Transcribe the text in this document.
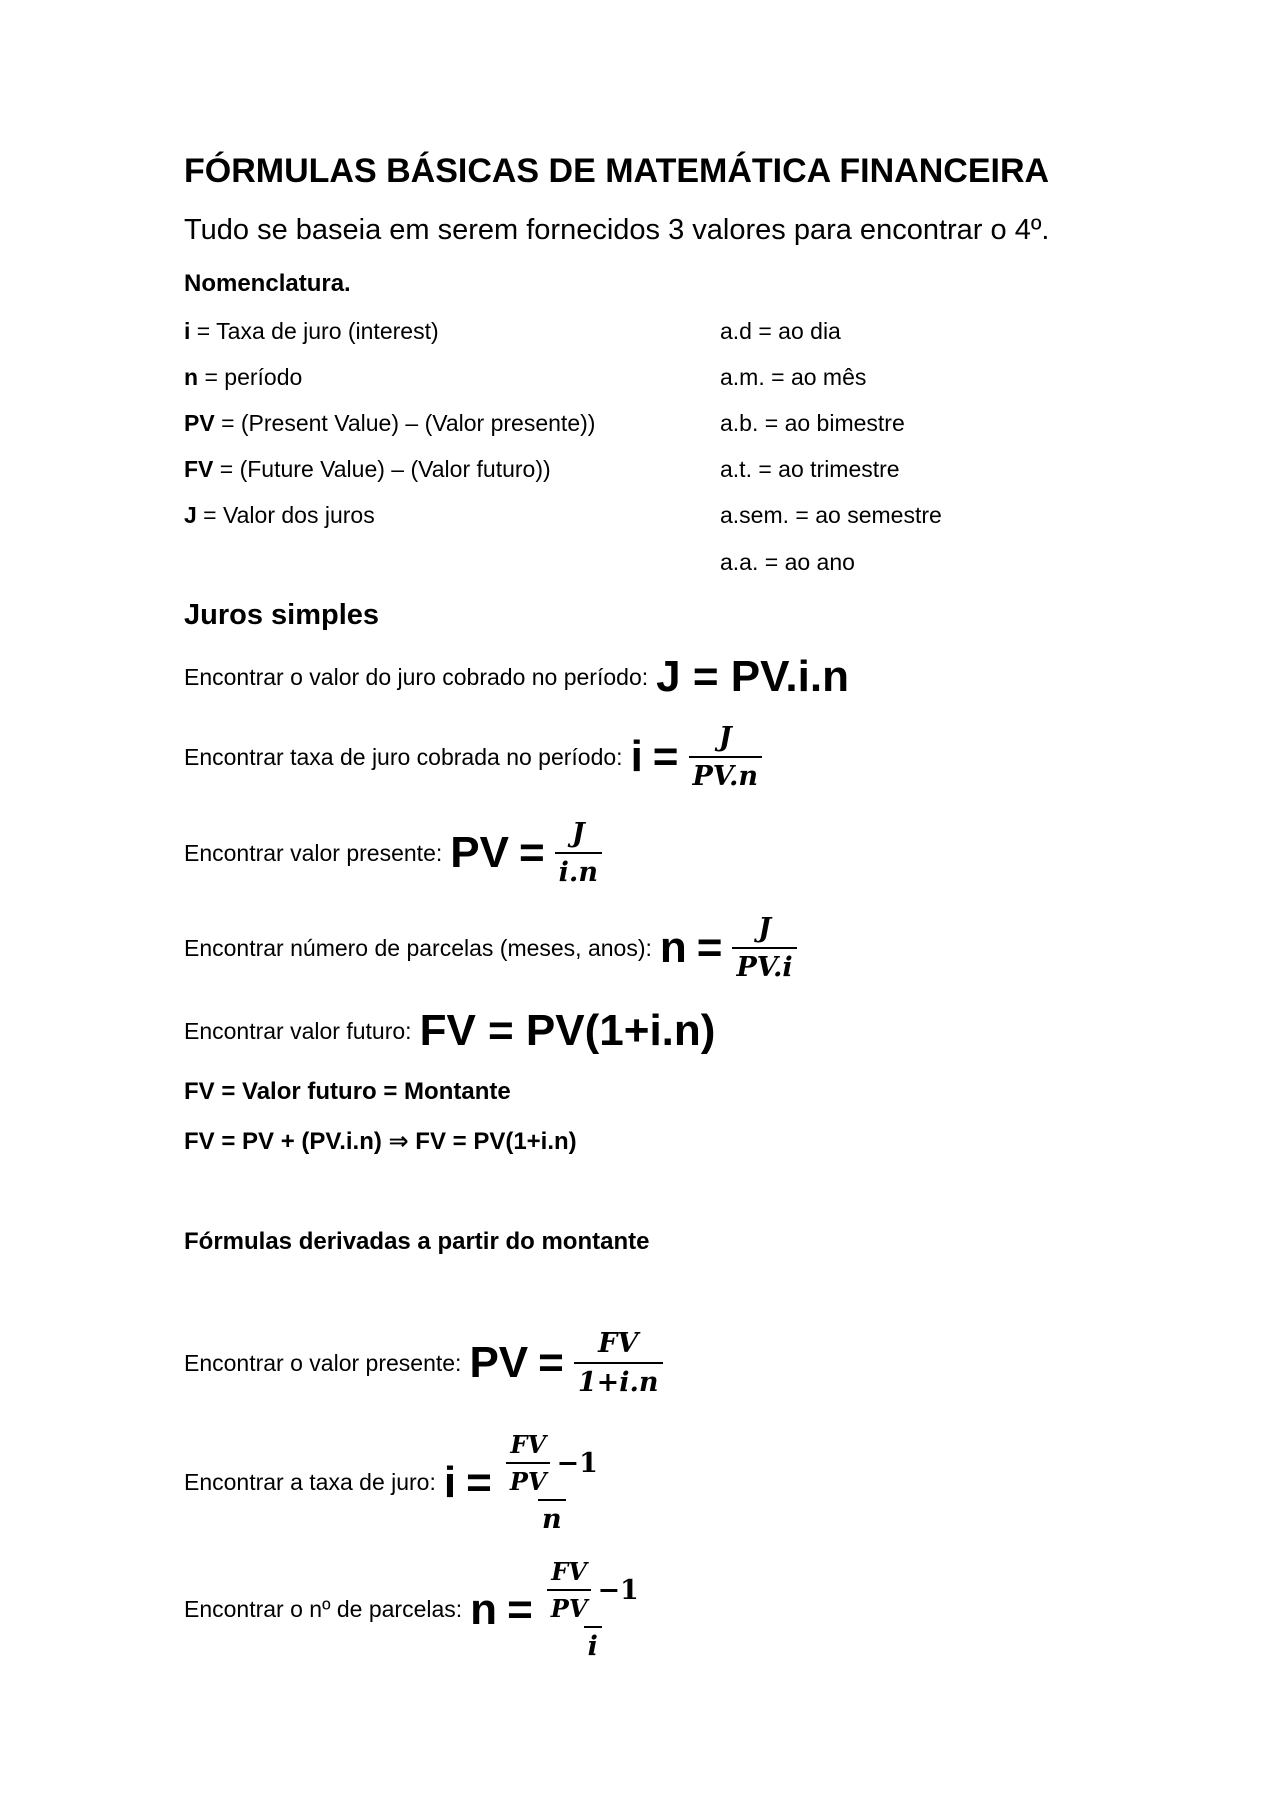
FÓRMULAS BÁSICAS DE MATEMÁTICA FINANCEIRA
Tudo se baseia em serem fornecidos 3 valores para encontrar o 4º.
Nomenclatura.
i = Taxa de juro (interest)
n = período
PV = (Present Value) – (Valor presente))
FV = (Future Value) – (Valor futuro))
J = Valor dos juros
a.d = ao dia
a.m. = ao mês
a.b. = ao bimestre
a.t. = ao trimestre
a.sem. = ao semestre
a.a. = ao ano
Juros simples
Encontrar o valor do juro cobrado no período: J = PV.i.n
Encontrar taxa de juro cobrada no período: $i = \frac{J}{PV.n}$
Encontrar valor presente: PV = $\frac{J}{i.n}$
Encontrar número de parcelas (meses, anos): $n = \frac{J}{PV.i}$
Encontrar valor futuro: FV = PV(1+i.n)
FV = Valor futuro = Montante
FV = PV + (PV.i.n) ⇒ FV = PV(1+i.n)
Fórmulas derivadas a partir do montante
Encontrar o valor presente: PV = $\frac{FV}{1+i.n}$
Encontrar a taxa de juro: $i = \frac{\frac{FV}{PV} -1}{n}$
Encontrar o nº de parcelas: $n = \frac{\frac{FV}{PV} -1}{i}$
